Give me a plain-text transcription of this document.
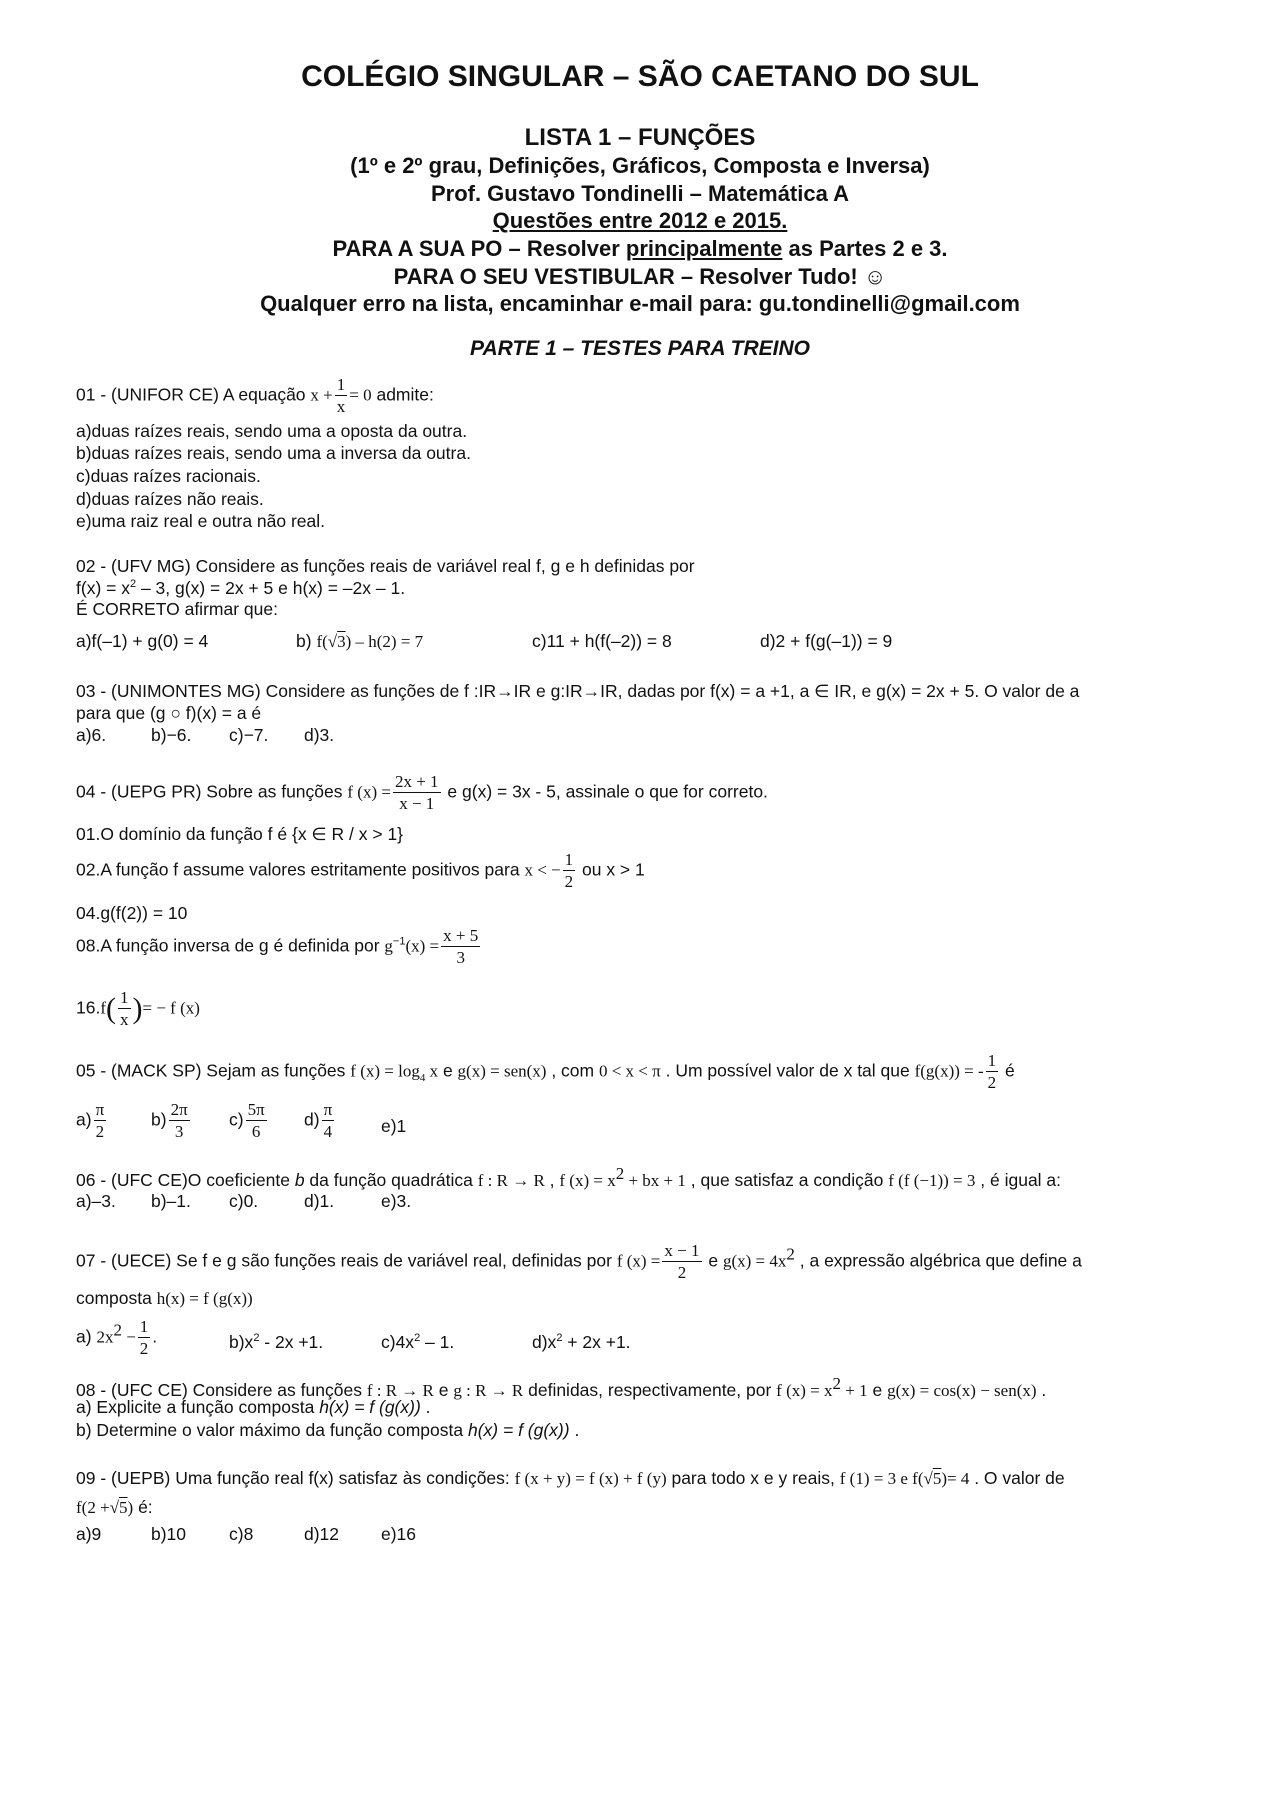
COLÉGIO SINGULAR – SÃO CAETANO DO SUL
LISTA 1 – FUNÇÕES
(1º e 2º grau, Definições, Gráficos, Composta e Inversa)
Prof. Gustavo Tondinelli – Matemática A
Questões entre 2012 e 2015.
PARA A SUA PO – Resolver principalmente as Partes 2 e 3.
PARA O SEU VESTIBULAR – Resolver Tudo! ☺
Qualquer erro na lista, encaminhar e-mail para: gu.tondinelli@gmail.com
PARTE 1 – TESTES PARA TREINO
01 - (UNIFOR CE) A equação $x + \frac{1}{x} = 0$ admite:
a)duas raízes reais, sendo uma a oposta da outra.
b)duas raízes reais, sendo uma a inversa da outra.
c)duas raízes racionais.
d)duas raízes não reais.
e)uma raiz real e outra não real.
02 - (UFV MG) Considere as funções reais de variável real f, g e h definidas por
$f(x) = x^2 - 3$, g(x) = 2x + 5 e h(x) = –2x – 1.
É CORRETO afirmar que:
a)f(–1) + g(0) = 4	b) f(√3) – h(2) = 7	c)11 + h(f(–2)) = 8	d)2 + f(g(–1)) = 9
03 - (UNIMONTES MG) Considere as funções de f :IR→IR e g:IR→IR, dadas por f(x) = a +1, a ∈ IR, e g(x) = 2x + 5. O valor de a
para que (g ○ f)(x) = a é
a)6.	b)−6. c)−7. d)3.
04 - (UEPG PR) Sobre as funções f $(x) = \frac{2x + 1}{x - 1}$ e g(x) = 3x - 5, assinale o que for correto.
01.O domínio da função f é {x ∈ R / x > 1}
02.A função f assume valores estritamente positivos para x < − $\frac{1}{2}$ ou x > 1
04.g(f(2)) = 10
08.A função inversa de g é definida por $g^{-1}(x) = \frac{x + 5}{3}$
$16.f( \frac{1}{x}$ )= − f (x)
05 - (MACK SP) Sejam as funções f $(x) = \log_4 x$ e g(x) = sen(x) , com 0 < x < π . Um possível valor de x tal que f(g(x)) = - $\frac{1}{2}$ é
$a) \frac{\pi}{2}$	$b) \frac{2\pi}{3} c) \frac{5\pi}{6} d) \frac{\pi}{4}$	e)1
06 - (UFC CE)O coeficiente b da função quadrática f : R → R , f $(x) = x^2$ + bx + 1 , que satisfaz a condição f (f (−1)) = 3 , é igual a:
a)–3. b)–1. c)0.	d)1.	e)3.
07 - (UECE) Se f e g são funções reais de variável real, definidas por f $(x) = \frac{x - 1}{2}$ e $g(x) = 4x^2$ , a expressão algébrica que define a
composta h(x) = f (g(x))
a) $2x^2 - \frac{1}{2}$ .	$b)x^2 - 2x +1$.	$c)4x^2 - 1$.	$d)x^2 + 2x +1$.
08 - (UFC CE) Considere as funções f : R → R e g : R → R definidas, respectivamente, por f $(x) = x^2 + 1$ e g(x) = cos(x) − sen(x) .
a) Explicite a função composta h(x) = f (g(x)) .
b) Determine o valor máximo da função composta h(x) = f (g(x)) .
09 - (UEPB) Uma função real f(x) satisfaz às condições: f (x + y) = f (x) + f (y) para todo x e y reais, f (1) = 3 e f(√5)= 4 . O valor de
f(2 +√5) é:
a)9	b)10 c)8	d)12 e)16
